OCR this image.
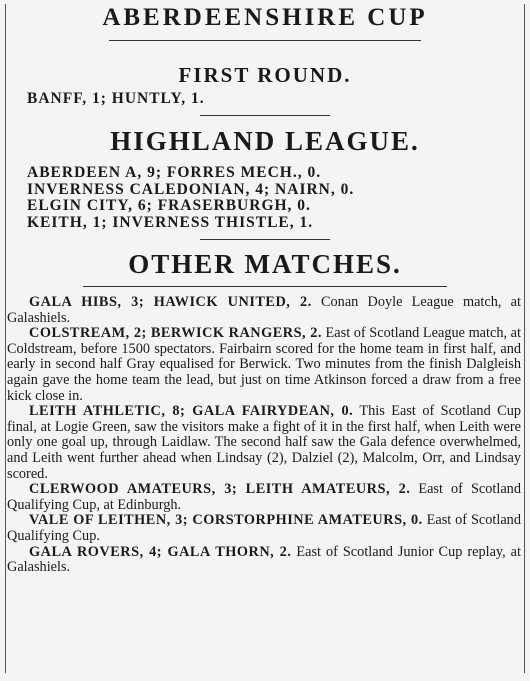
ABERDEENSHIRE CUP
FIRST ROUND.
BANFF, 1; HUNTLY, 1.
HIGHLAND LEAGUE.
ABERDEEN A, 9; FORRES MECH., 0.
INVERNESS CALEDONIAN, 4; NAIRN, 0.
ELGIN CITY, 6; FRASERBURGH, 0.
KEITH, 1; INVERNESS THISTLE, 1.
OTHER MATCHES.

GALA HIBS, 3; HAWICK UNITED, 2. Conan Doyle League match, at Galashiels.

COLSTREAM, 2; BERWICK RANGERS, 2. East of Scotland League match, at Coldstream, before 1500 spectators. Fairbairn scored for the home team in first half, and early in second half Gray equalised for Berwick. Two minutes from the finish Dalgleish again gave the home team the lead, but just on time Atkinson forced a draw from a free kick close in.

LEITH ATHLETIC, 8; GALA FAIRYDEAN, 0. This East of Scotland Cup final, at Logie Green, saw the visitors make a fight of it in the first half, when Leith were only one goal up, through Laidlaw. The second half saw the Gala defence overwhelmed, and Leith went further ahead when Lindsay (2), Dalziel (2), Malcolm, Orr, and Lindsay scored.

CLERWOOD AMATEURS, 3; LEITH AMATEURS, 2. East of Scotland Qualifying Cup, at Edinburgh.

VALE OF LEITHEN, 3; CORSTORPHINE AMATEURS, 0. East of Scotland Qualifying Cup.

GALA ROVERS, 4; GALA THORN, 2. East of Scotland Junior Cup replay, at Galashiels.
